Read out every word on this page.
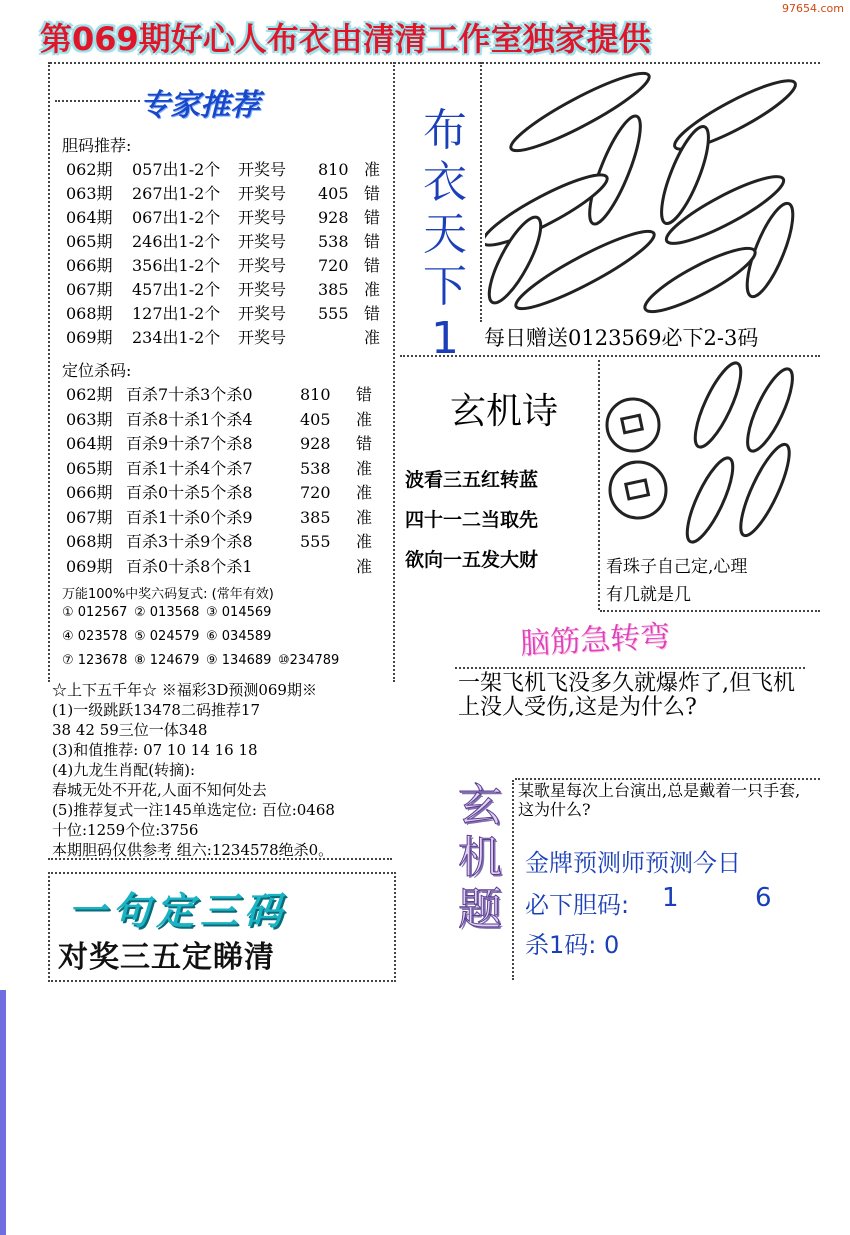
97654.com
第069期好心人布衣由清清工作室独家提供
专家推荐
胆码推荐:
062期 057出1-2个 开奖号 810 准
063期 267出1-2个 开奖号 405 错
064期 067出1-2个 开奖号 928 错
065期 246出1-2个 开奖号 538 错
066期 356出1-2个 开奖号 720 错
067期 457出1-2个 开奖号 385 准
068期 127出1-2个 开奖号 555 错
069期 234出1-2个 开奖号	准
定位杀码:
062期 百杀7十杀3个杀0	810 错
063期 百杀8十杀1个杀4	405 准
064期 百杀9十杀7个杀8	928 错
065期 百杀1十杀4个杀7	538 准
066期 百杀0十杀5个杀8	720 准
067期 百杀1十杀0个杀9	385 准
068期 百杀3十杀9个杀8	555 准
069期 百杀0十杀8个杀1	准
万能100%中奖六码复式: (常年有效)
① 012567 ② 013568 ③ 014569
④ 023578 ⑤ 024579 ⑥ 034589
⑦ 123678 ⑧ 124679 ⑨ 134689 ⑩234789
☆上下五千年☆ ※福彩3D预测069期※
(1)一级跳跃13478二码推荐17
38 42 59三位一体348
(3)和值推荐: 07 10 14 16 18
(4)九龙生肖配(转摘):
春城无处不开花,人面不知何处去
(5)推荐复式一注145单选定位: 百位:0468
十位:1259个位:3756
本期胆码仅供参考 组六:1234578绝杀0。
一句定三码
对奖三五定睇清
布
衣
天
下
1	每日赠送0123569必下2-3码
玄机诗
波看三五红转蓝
四十一二当取先
欲向一五发大财	看珠子自己定,心理
有几就是几
脑筋急转弯
一架飞机飞没多久就爆炸了,但飞机上没人受伤,这是为什么?
玄
机
题
某歌星每次上台演出,总是戴着一只手套,这为什么?
金牌预测师预测今日
必下胆码: 1	6
杀1码: 0
